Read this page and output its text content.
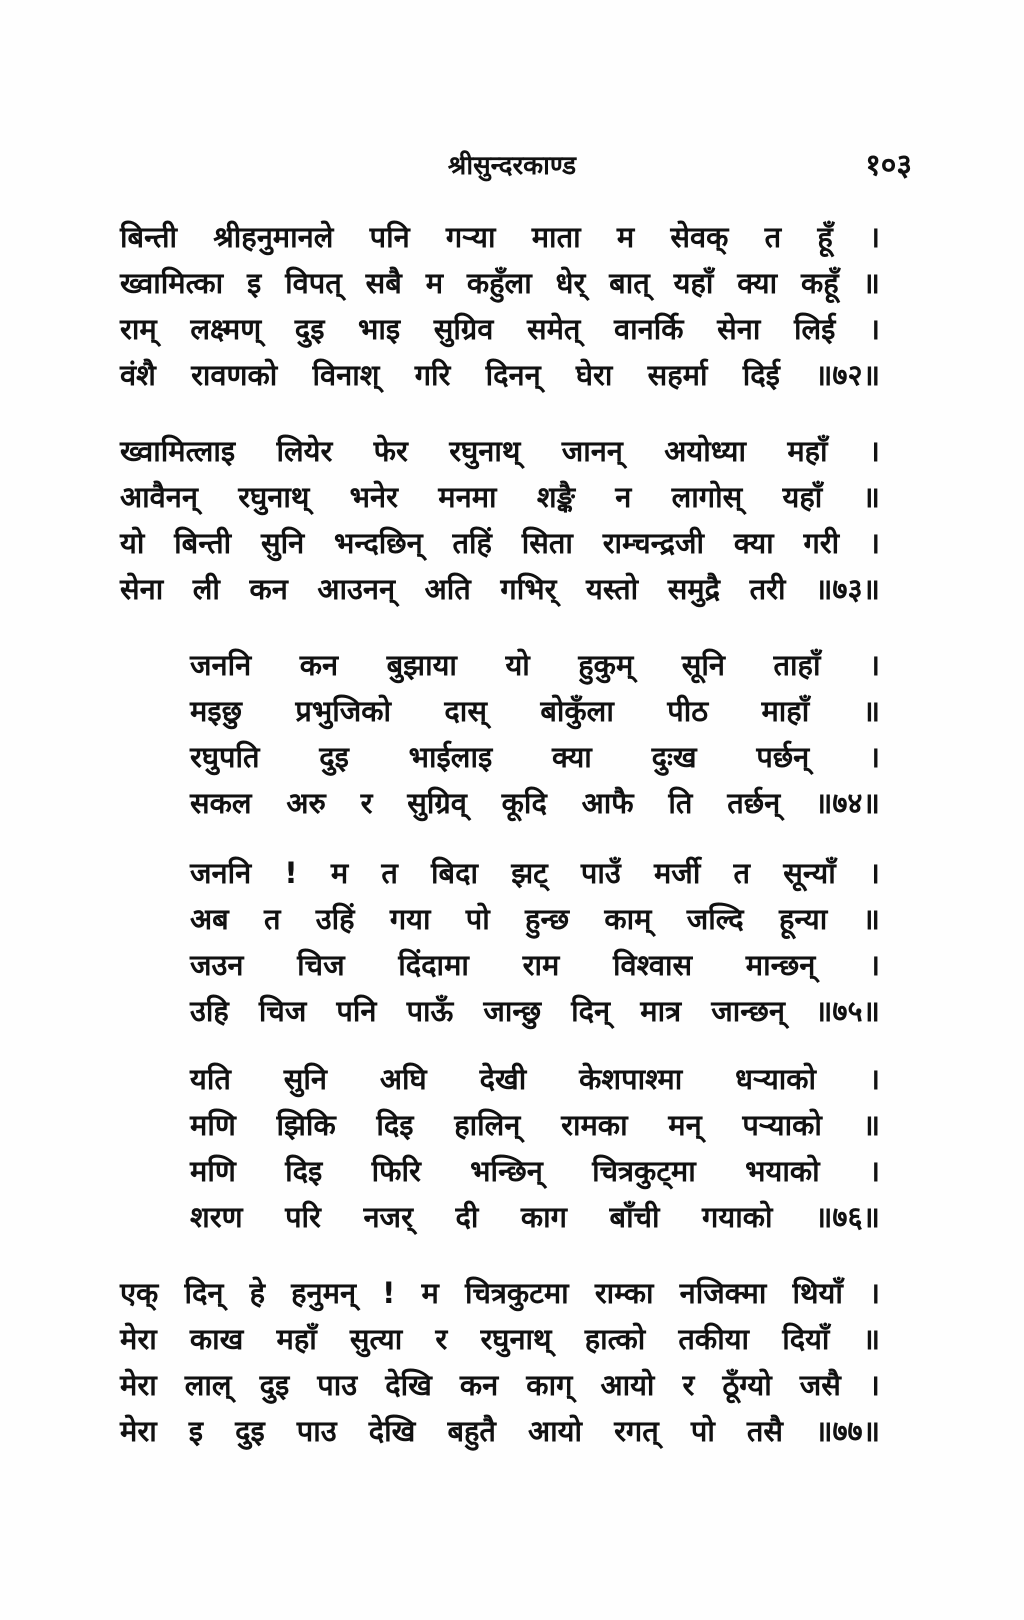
श्रीसुन्दरकाण्ड	१०३
बिन्ती श्रीहनुमानले पनि गऱ्या माता म सेवक् त हूँ ।
ख्वामित्का इ विपत् सबै म कहुँला धेर् बात् यहाँ क्या कहूँ ॥
राम् लक्ष्मण् दुइ भाइ सुग्रिव समेत् वानर्कि सेना लिई ।
वंशै रावणको विनाश् गरि दिनन् घेरा सहर्मा दिई ॥७२॥
ख्वामित्लाइ लियेर फेर रघुनाथ् जानन् अयोध्या महाँ ।
आवैनन् रघुनाथ् भनेर मनमा शङ्कै न लागोस् यहाँ ॥
यो बिन्ती सुनि भन्दछिन् तहिं सिता राम्चन्द्रजी क्या गरी ।
सेना ली कन आउनन् अति गभिर् यस्तो समुद्रै तरी ॥७३॥
जननि कन बुझाया यो हुकुम् सूनि ताहाँ ।
मइछु प्रभुजिको दास् बोकुँला पीठ माहाँ ॥
रघुपति दुइ भाईलाइ क्या दुःख पर्छन् ।
सकल अरु र सुग्रिव् कूदि आफै ति तर्छन् ॥७४॥
जननि ! म त बिदा झट् पाउँ मर्जी त सून्याँ ।
अब त उहिं गया पो हुन्छ काम् जल्दि हून्या ॥
जउन चिज दिंदामा राम विश्वास मान्छन् ।
उहि चिज पनि पाऊँ जान्छु दिन् मात्र जान्छन् ॥७५॥
यति सुनि अघि देखी केशपाश्मा धऱ्याको ।
मणि झिकि दिइ हालिन् रामका मन् पऱ्याको ॥
मणि दिइ फिरि भन्छिन् चित्रकुट्मा भयाको ।
शरण परि नजर् दी काग बाँची गयाको ॥७६॥
एक् दिन् हे हनुमन् ! म चित्रकुटमा राम्का नजिक्मा थियाँ ।
मेरा काख महाँ सुत्या र रघुनाथ् हात्को तकीया दियाँ ॥
मेरा लाल् दुइ पाउ देखि कन काग् आयो र ठूँग्यो जसै ।
मेरा इ दुइ पाउ देखि बहुतै आयो रगत् पो तसै ॥७७॥
